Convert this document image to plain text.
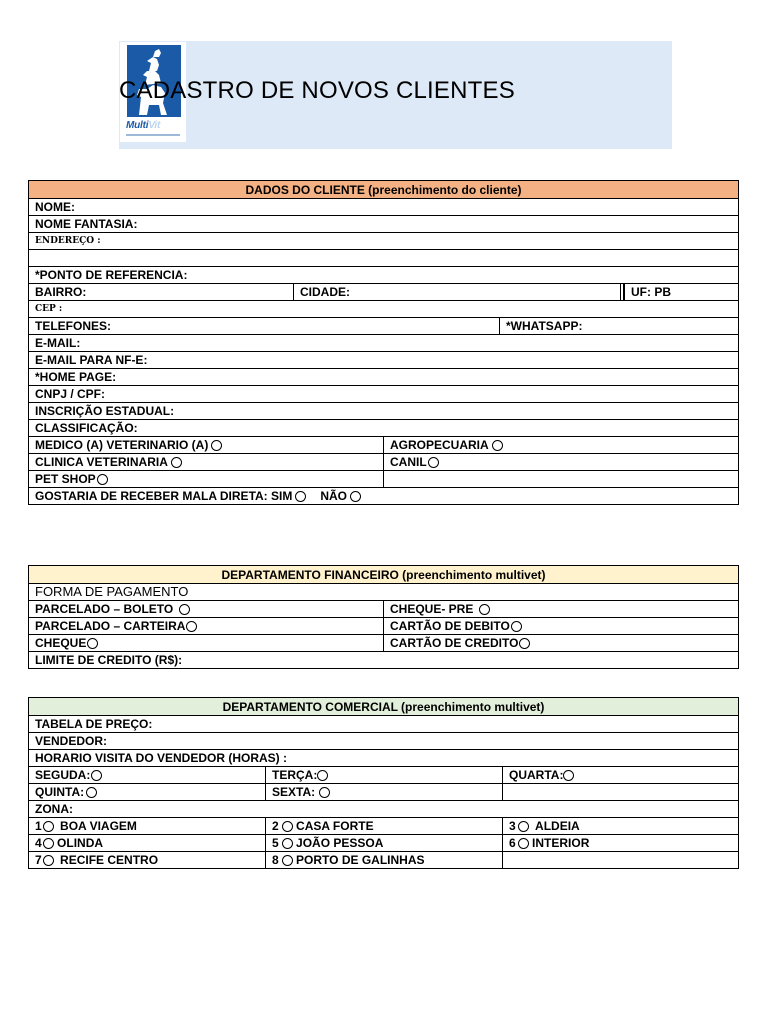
MultiVit
CADASTRO DE NOVOS CLIENTES
DADOS DO CLIENTE (preenchimento do cliente)				
NOME:				
NOME FANTASIA:				
ENDEREÇO :				

*PONTO DE REFERENCIA:				
BAIRRO:	CIDADE:			UF: PB

CEP :				
TELEFONES:			*WHATSAPP:	
E-MAIL:				
E-MAIL PARA NF-E:				
*HOME PAGE:				
CNPJ / CPF:				
INSCRIÇÃO ESTADUAL:				
CLASSIFICAÇÃO:				
MEDICO (A) VETERINARIO (A)		AGROPECUARIA		
CLINICA VETERINARIA		CANIL		
PET SHOP				
GOSTARIA DE RECEBER MALA DIRETA: SIM NÃO				
DEPARTAMENTO FINANCEIRO (preenchimento multivet)	
FORMA DE PAGAMENTO	
PARCELADO – BOLETO	CHEQUE- PRE
PARCELADO – CARTEIRA	CARTÃO DE DEBITO
CHEQUE	CARTÃO DE CREDITO
LIMITE DE CREDITO (R$):	
DEPARTAMENTO COMERCIAL (preenchimento multivet)		
TABELA DE PREÇO:		
VENDEDOR:		
HORARIO VISITA DO VENDEDOR (HORAS) :		
SEGUDA:	TERÇA:	QUARTA:
QUINTA:	SEXTA:	
ZONA:		
1 BOA VIAGEM	2 CASA FORTE	3 ALDEIA
4 OLINDA	5 JOÃO PESSOA	6 INTERIOR
7 RECIFE CENTRO	8 PORTO DE GALINHAS	
